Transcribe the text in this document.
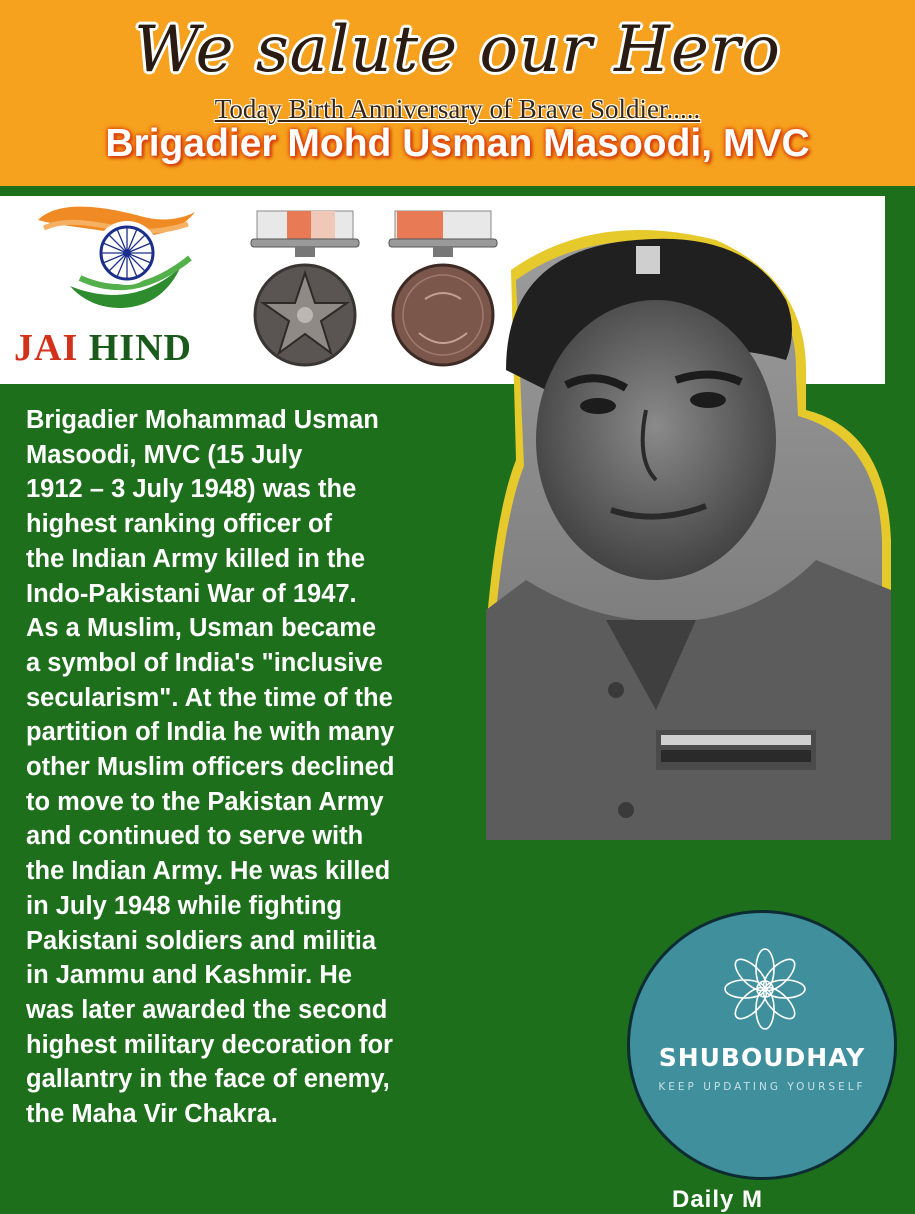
We salute our Hero
Today Birth Anniversary of Brave Soldier.....
Brigadier Mohd Usman Masoodi, MVC
JAI HIND
Brigadier Mohammad Usman
Masoodi, MVC (15 July
1912 – 3 July 1948) was the
highest ranking officer of
the Indian Army killed in the
Indo-Pakistani War of 1947.
As a Muslim, Usman became
a symbol of India's "inclusive
secularism". At the time of the
partition of India he with many
other Muslim officers declined
to move to the Pakistan Army
and continued to serve with
the Indian Army. He was killed
in July 1948 while fighting
Pakistani soldiers and militia
in Jammu and Kashmir. He
was later awarded the second
highest military decoration for
gallantry in the face of enemy,
the Maha Vir Chakra.
SHUBOUDHAY
KEEP UPDATING YOURSELF
Daily M
